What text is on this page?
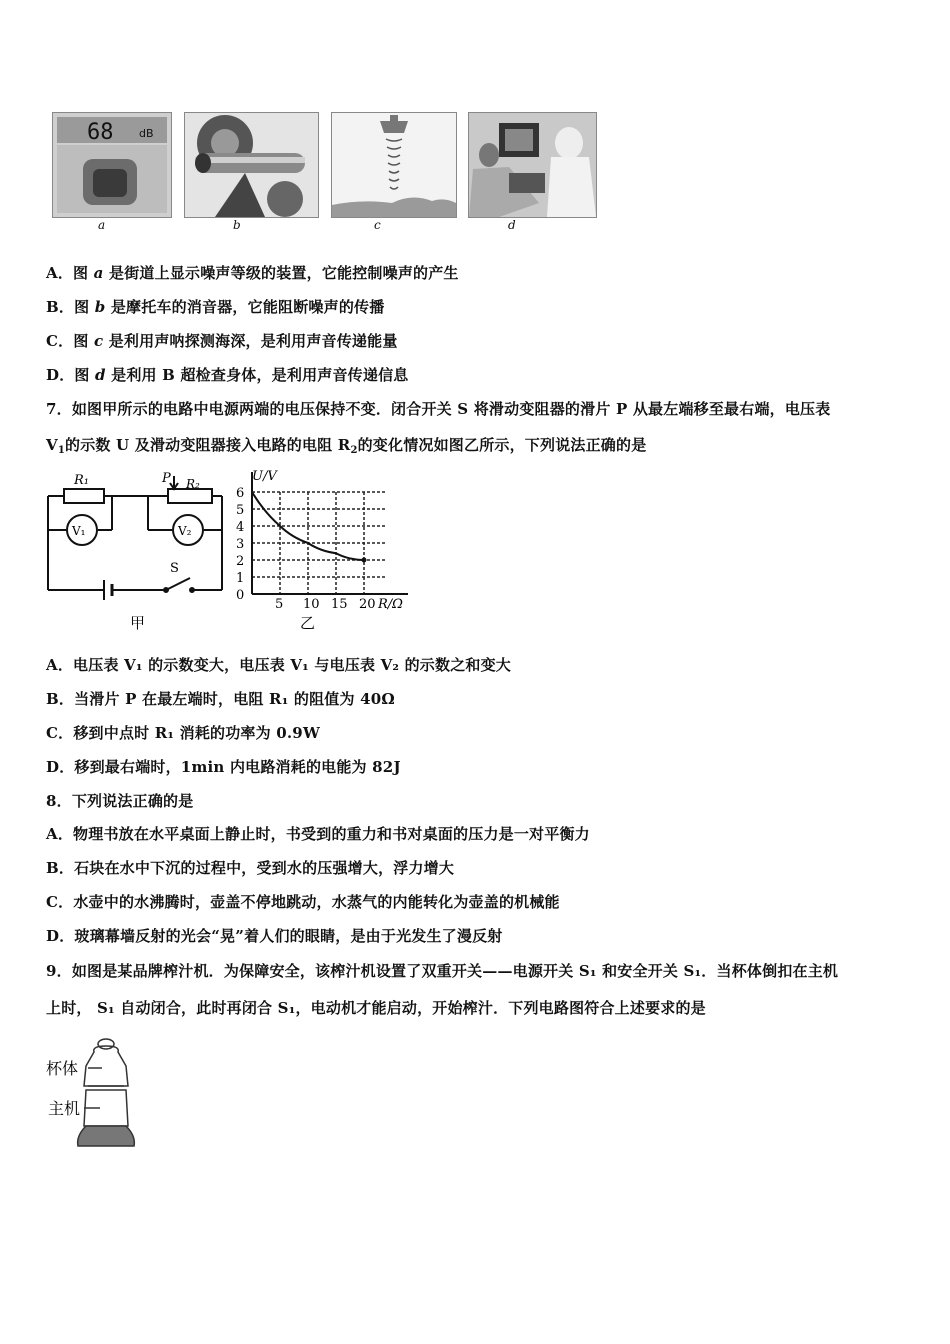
68 dB
a	b	c	d
A．图 a 是街道上显示噪声等级的装置，它能控制噪声的产生
B．图 b 是摩托车的消音器，它能阻断噪声的传播
C．图 c 是利用声呐探测海深，是利用声音传递能量
D．图 d 是利用 B 超检查身体，是利用声音传递信息
7．如图甲所示的电路中电源两端的电压保持不变．闭合开关 S 将滑动变阻器的滑片 P 从最左端移至最右端，电压表
$V_1$的示数 U 及滑动变阻器接入电路的电阻 $R_2$的变化情况如图乙所示，下列说法正确的是
R₁	P R₂
V₁	V₂
S
甲
0
1
2
3
4
5
6
5 10 15 20
U/V
R/Ω
乙
A．电压表 V₁ 的示数变大，电压表 V₁ 与电压表 V₂ 的示数之和变大
B．当滑片 P 在最左端时，电阻 R₁ 的阻值为 40Ω
C．移到中点时 R₁ 消耗的功率为 0.9W
D．移到最右端时，1min 内电路消耗的电能为 82J
8．下列说法正确的是
A．物理书放在水平桌面上静止时，书受到的重力和书对桌面的压力是一对平衡力
B．石块在水中下沉的过程中，受到水的压强增大，浮力增大
C．水壶中的水沸腾时，壶盖不停地跳动，水蒸气的内能转化为壶盖的机械能
D．玻璃幕墙反射的光会“晃”着人们的眼睛，是由于光发生了漫反射
9．如图是某品牌榨汁机．为保障安全，该榨汁机设置了双重开关——电源开关 S₁ 和安全开关 S₁．当杯体倒扣在主机
上时， S₁ 自动闭合，此时再闭合 S₁，电动机才能启动，开始榨汁．下列电路图符合上述要求的是
杯体
主机
